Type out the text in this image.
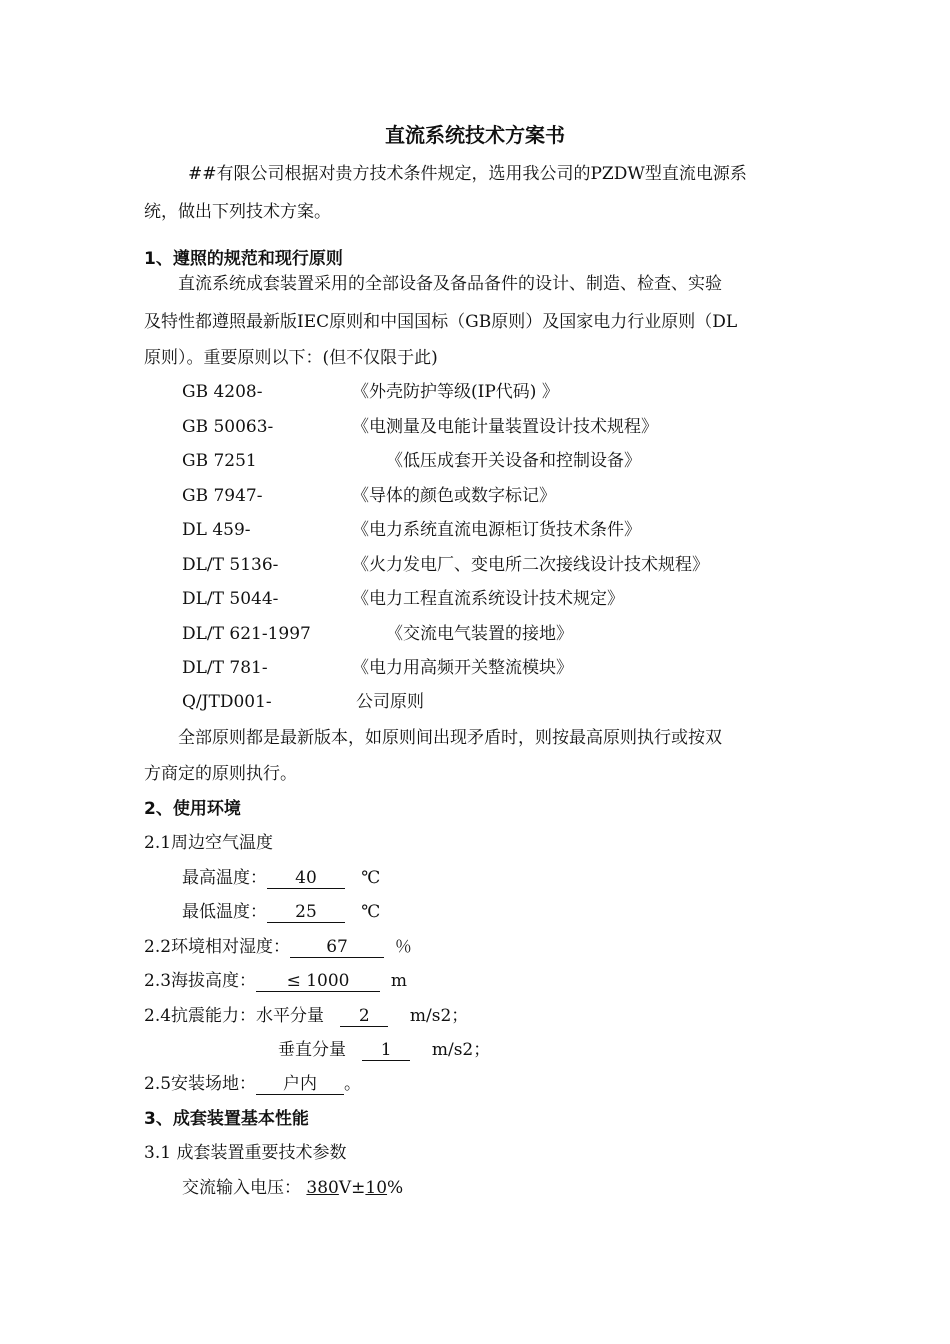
直流系统技术方案书
##有限公司根据对贵方技术条件规定，选用我公司的PZDW型直流电源系
统，做出下列技术方案。
1、遵照的规范和现行原则
直流系统成套装置采用的全部设备及备品备件的设计、制造、检查、实验
及特性都遵照最新版IEC原则和中国国标（GB原则）及国家电力行业原则（DL
原则）。重要原则以下：(但不仅限于此)
GB 4208-	《外壳防护等级(IP代码) 》
GB 50063-	《电测量及电能计量装置设计技术规程》
GB 7251	《低压成套开关设备和控制设备》
GB 7947-	《导体的颜色或数字标记》
DL 459-	《电力系统直流电源柜订货技术条件》
DL/T 5136-	《火力发电厂、变电所二次接线设计技术规程》
DL/T 5044-	《电力工程直流系统设计技术规定》
DL/T 621-1997	《交流电气装置的接地》
DL/T 781-	《电力用高频开关整流模块》
Q/JTD001-	公司原则
全部原则都是最新版本，如原则间出现矛盾时，则按最高原则执行或按双
方商定的原则执行。
2、使用环境
2.1周边空气温度
最高温度： 40	℃
最低温度： 25	℃
2.2环境相对湿度： 67	％
2.3海拔高度： ≤ 1000 m
2.4抗震能力：水平分量 2 m/s2；
垂直分量 1 m/s2；
2.5安装场地： 户内 。
3、成套装置基本性能
3.1 成套装置重要技术参数
交流输入电压： 380V±10%
